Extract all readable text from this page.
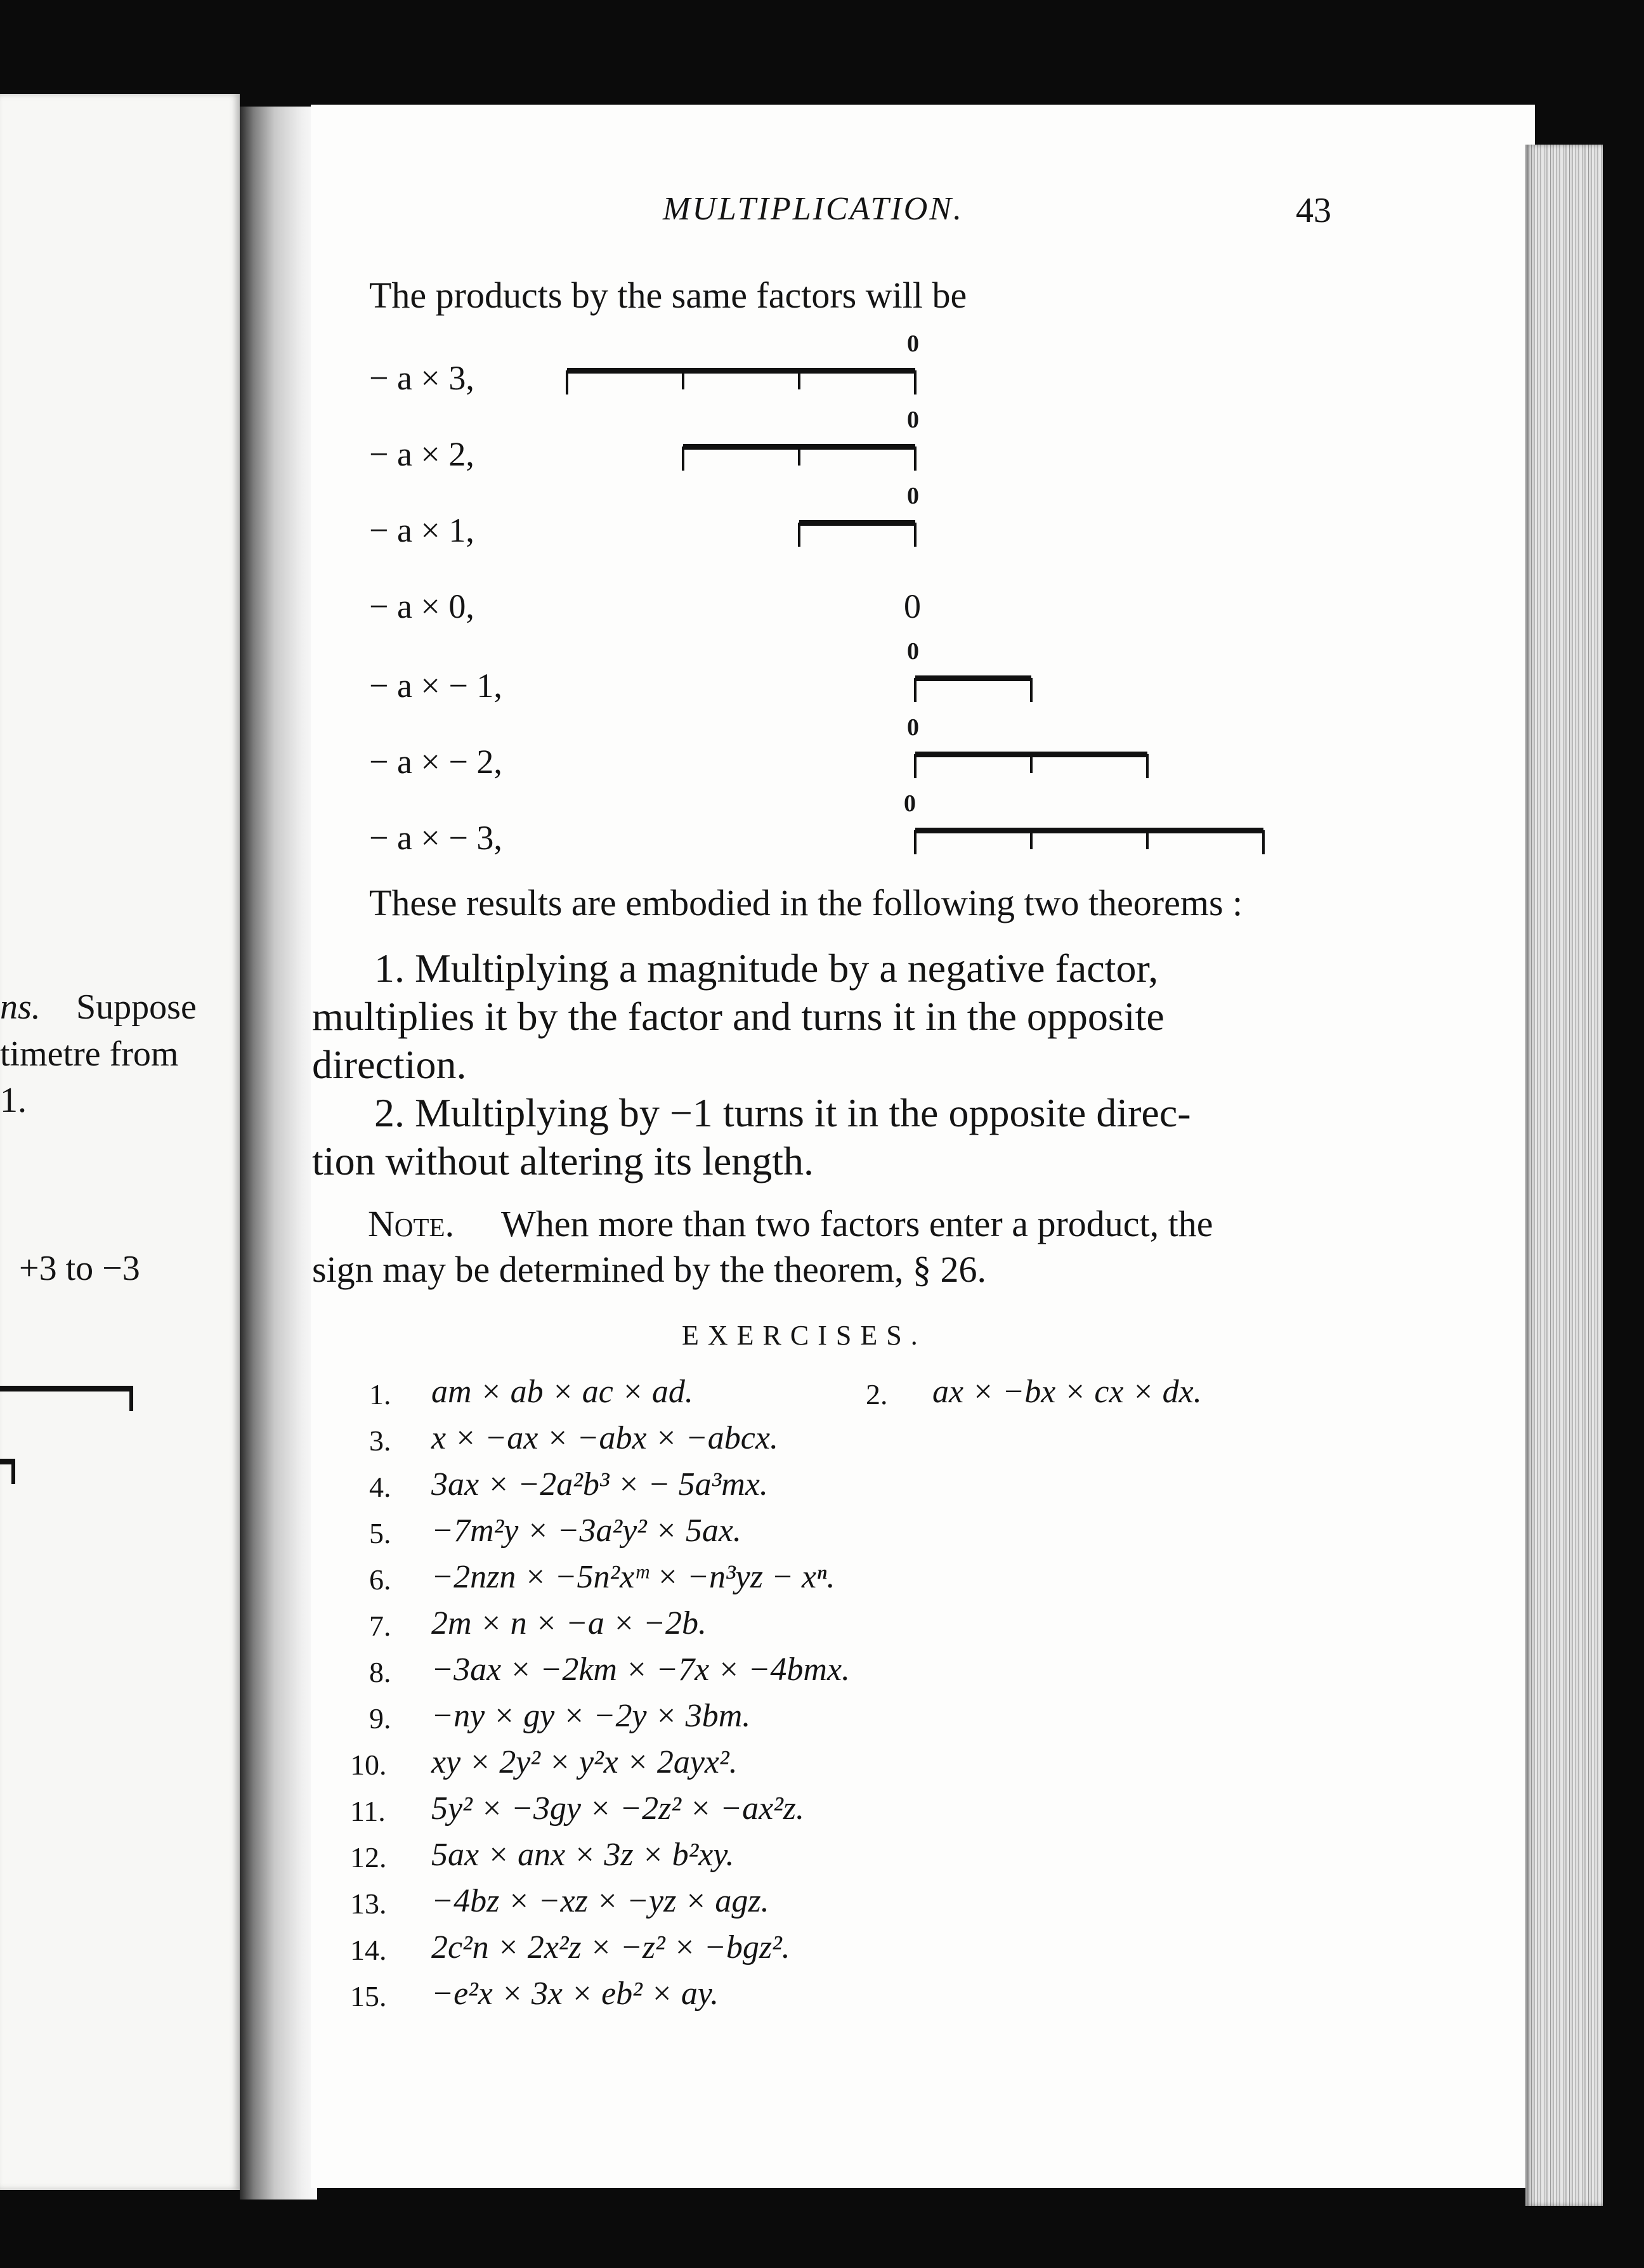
ns. Suppose
timetre from
1.
+3 to −3
MULTIPLICATION.	43
The products by the same factors will be
− a × 3,
0
− a × 2,
0
− a × 1,
0
− a × 0,	0
− a × − 1,
0
− a × − 2,
0
− a × − 3,
0
These results are embodied in the following two theorems :
1. Multiplying a magnitude by a negative factor,
multiplies it by the factor and turns it in the opposite
direction.
2. Multiplying by −1 turns it in the opposite direc-
tion without altering its length.
Note. When more than two factors enter a product, the
sign may be determined by the theorem, § 26.
EXERCISES.
1. am × ab × ac × ad.	2. ax × −bx × cx × dx.
3. x × −ax × −abx × −abcx.
4. 3ax × −2a²b³ × − 5a³mx.
5. −7m²y × −3a²y² × 5ax.
6. −2nzn × −5n²xᵐ × −n³yz − xⁿ.
7. 2m × n × −a × −2b.
8. −3ax × −2km × −7x × −4bmx.
9. −ny × gy × −2y × 3bm.
10. xy × 2y² × y²x × 2ayx².
11. 5y² × −3gy × −2z² × −ax²z.
12. 5ax × anx × 3z × b²xy.
13. −4bz × −xz × −yz × agz.
14. 2c²n × 2x²z × −z² × −bgz².
15. −e²x × 3x × eb² × ay.
